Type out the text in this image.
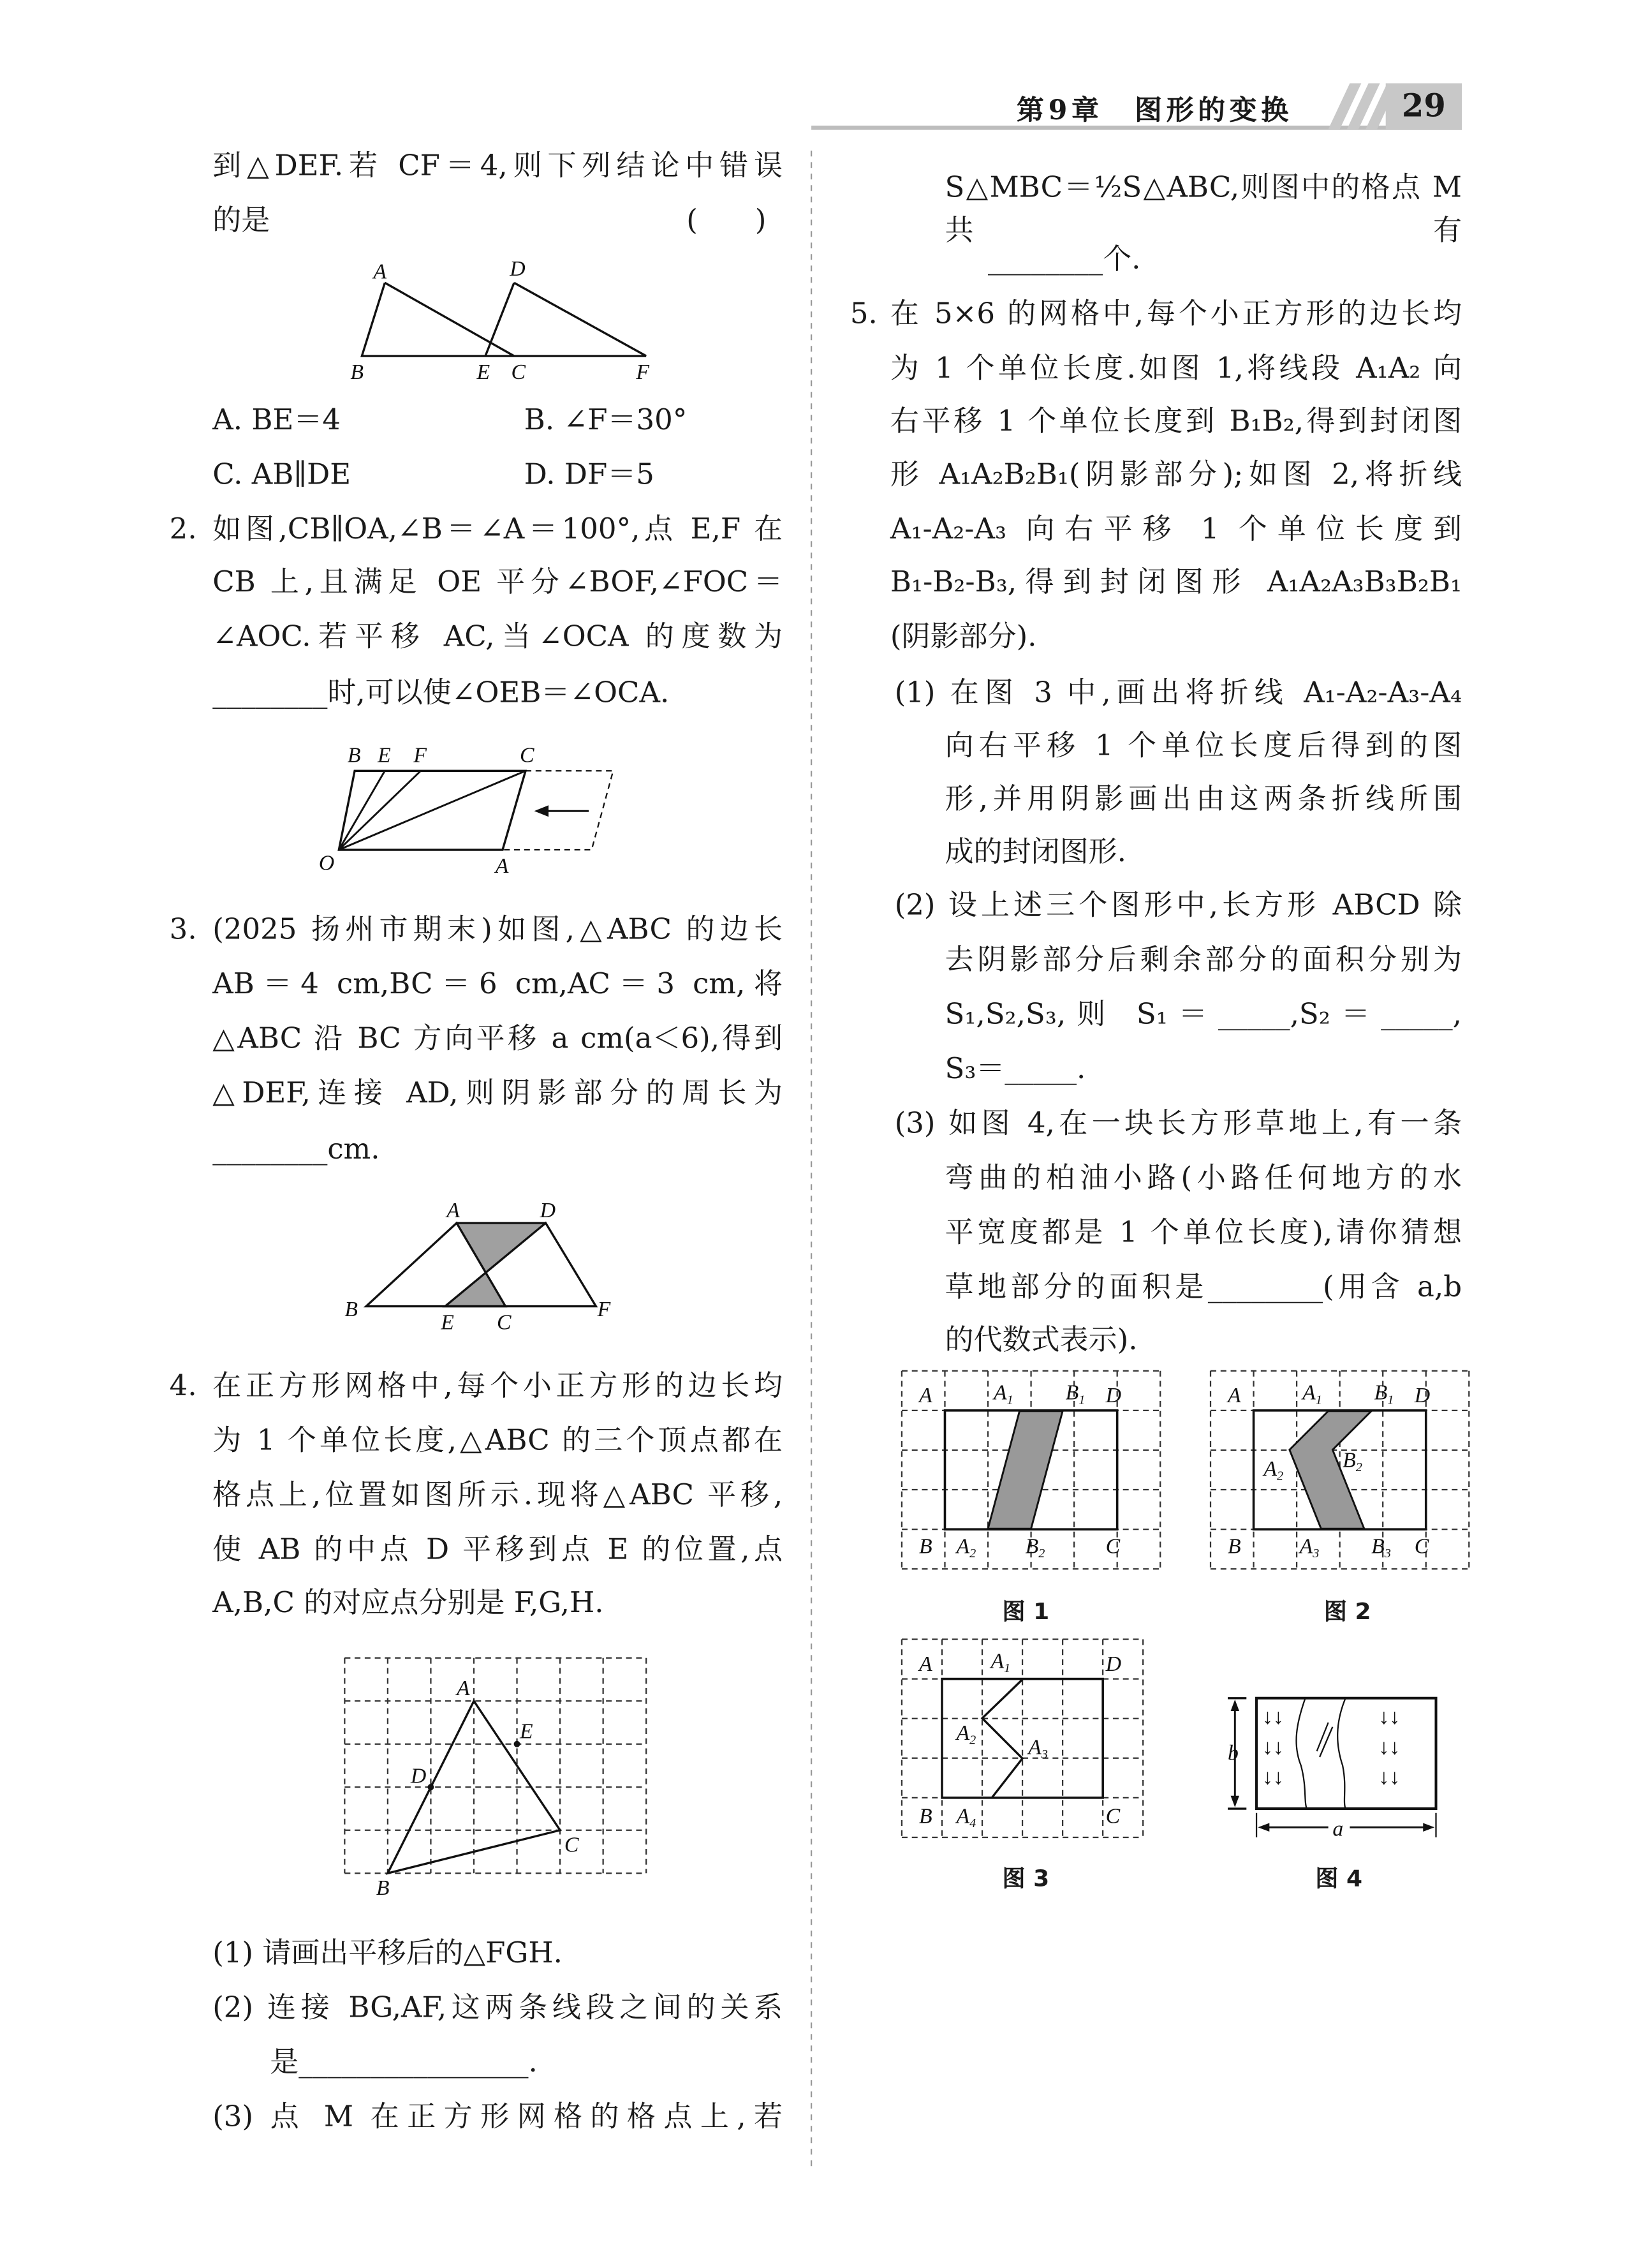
第9章　图形的变换	29
到△DEF.若 CF＝4,则下列结论中错误
的是	(　　)
A
B	E C
D
F
A. BE＝4	B. ∠F＝30°
C. AB∥DE	D. DF＝5
2. 如图,CB∥OA,∠B＝∠A＝100°,点 E,F 在
CB 上,且满足 OE 平分∠BOF,∠FOC＝
∠AOC.若平移 AC,当∠OCA 的度数为
________时,可以使∠OEB＝∠OCA.
B E F	C
O	A
3. (2025 扬州市期末)如图,△ABC 的边长
AB＝4 cm,BC＝6 cm,AC＝3 cm,将
△ABC 沿 BC 方向平移 a cm(a＜6),得到
△DEF,连接 AD,则阴影部分的周长为
________cm.
A	D
B
E	C
F
4. 在正方形网格中,每个小正方形的边长均
为 1 个单位长度,△ABC 的三个顶点都在
格点上,位置如图所示.现将△ABC 平移,
使 AB 的中点 D 平移到点 E 的位置,点
A,B,C 的对应点分别是 F,G,H.
A
E
D
B
C
(1) 请画出平移后的△FGH.
(2) 连接 BG,AF,这两条线段之间的关系
是________________.
(3) 点 M 在正方形网格的格点上,若
S△MBC＝½S△ABC,则图中的格点 M 共有
________个.
5. 在 5×6 的网格中,每个小正方形的边长均
为 1 个单位长度.如图 1,将线段 A₁A₂ 向
右平移 1 个单位长度到 B₁B₂,得到封闭图
形 A₁A₂B₂B₁(阴影部分);如图 2,将折线
A₁-A₂-A₃ 向右平移 1 个单位长度到
B₁-B₂-B₃,得到封闭图形 A₁A₂A₃B₃B₂B₁
(阴影部分).
(1) 在图 3 中,画出将折线 A₁-A₂-A₃-A₄
向右平移 1 个单位长度后得到的图
形,并用阴影画出由这两条折线所围
成的封闭图形.
(2) 设上述三个图形中,长方形 ABCD 除
去阴影部分后剩余部分的面积分别为
S₁,S₂,S₃,则 S₁＝_____,S₂＝_____,
S₃＝_____.
(3) 如图 4,在一块长方形草地上,有一条
弯曲的柏油小路(小路任何地方的水
平宽度都是 1 个单位长度),请你猜想
草地部分的面积是________(用含 a,b
的代数式表示).
A	$A_1$	$B_1$ D
B	$A_2$	$B_2$	C
A	$A_1$	$B_1$ D
$A_2$
$B_2$
B	$A_3$	$B_3$ C
A	$A_1$	D
$A_2$	$A_3$
B	$A_4$	C
↓↓
↓↓
↓↓
↓↓
↓↓
↓↓
b
a
图 1	图 2
图 3	图 4
